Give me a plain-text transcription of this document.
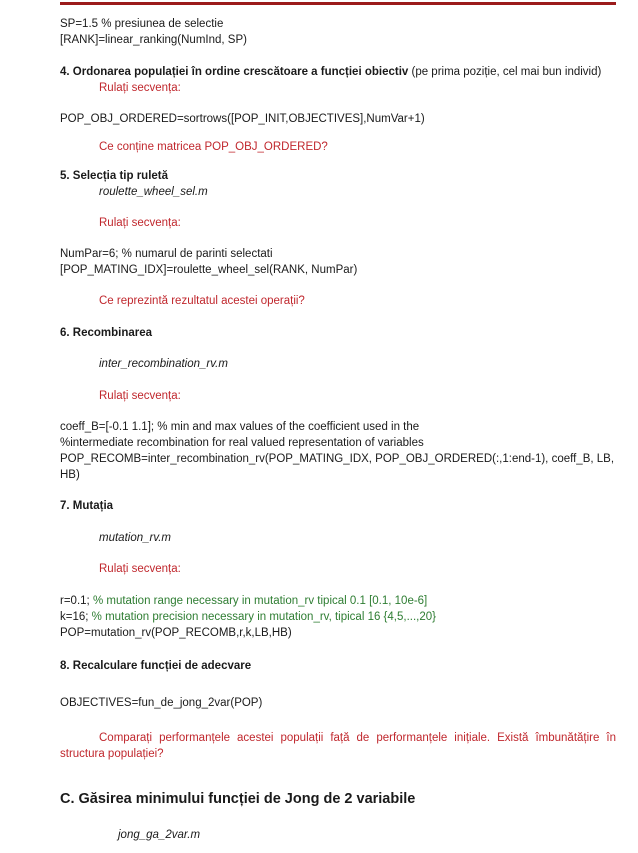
SP=1.5 % presiunea de selectie
[RANK]=linear_ranking(NumInd, SP)
4. Ordonarea populației în ordine crescătoare a funcției obiectiv (pe prima poziție, cel mai bun individ)
Rulați secvența:
POP_OBJ_ORDERED=sortrows([POP_INIT,OBJECTIVES],NumVar+1)
Ce conține matricea POP_OBJ_ORDERED?
5. Selecția tip ruletă
roulette_wheel_sel.m
Rulați secvența:
NumPar=6; % numarul de parinti selectati
[POP_MATING_IDX]=roulette_wheel_sel(RANK, NumPar)
Ce reprezintă rezultatul acestei operații?
6. Recombinarea
inter_recombination_rv.m
Rulați secvența:
coeff_B=[-0.1 1.1]; % min and max values of the coefficient used in the
%intermediate recombination for real valued representation of variables
POP_RECOMB=inter_recombination_rv(POP_MATING_IDX, POP_OBJ_ORDERED(:,1:end-1), coeff_B, LB,
HB)
7. Mutația
mutation_rv.m
Rulați secvența:
r=0.1; % mutation range necessary in mutation_rv tipical 0.1 [0.1, 10e-6]
k=16; % mutation precision necessary in mutation_rv, tipical 16 {4,5,...,20}
POP=mutation_rv(POP_RECOMB,r,k,LB,HB)
8. Recalculare funcției de adecvare
OBJECTIVES=fun_de_jong_2var(POP)
Comparați performanțele acestei populații față de performanțele inițiale. Există îmbunătățire în
structura populației?
C. Găsirea minimului funcției de Jong de 2 variabile
jong_ga_2var.m
